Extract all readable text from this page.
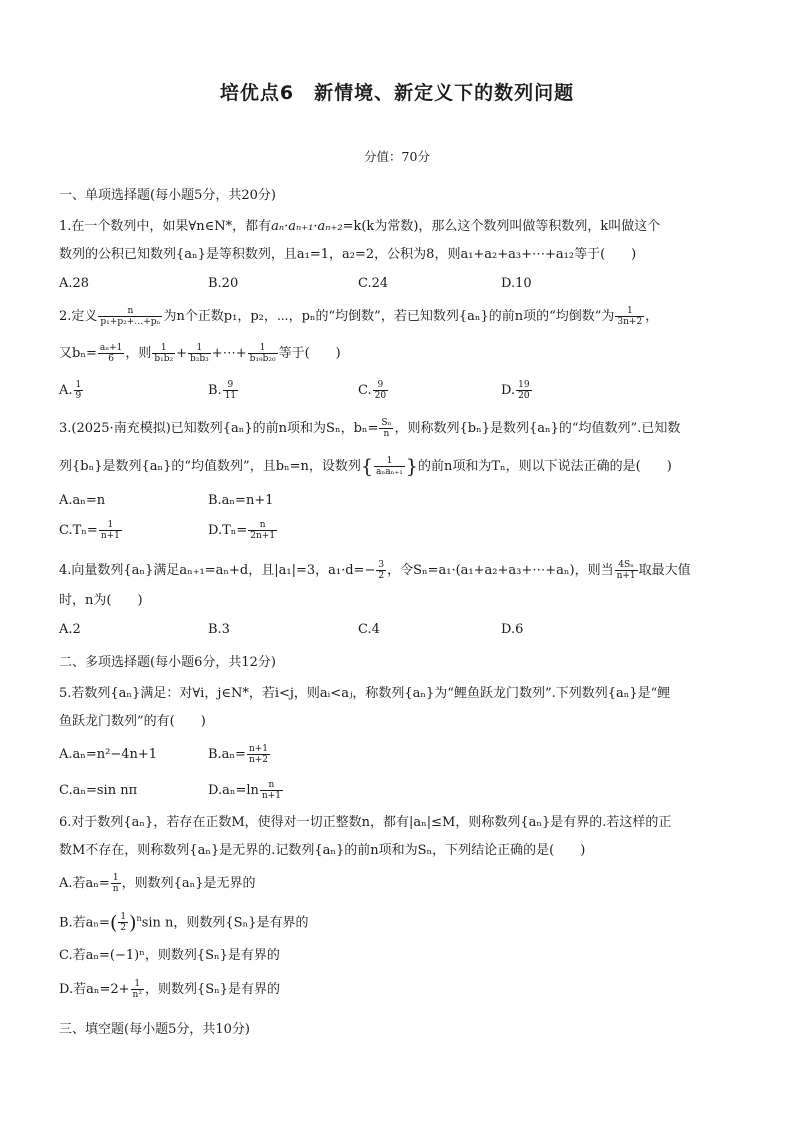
培优点6　新情境、新定义下的数列问题
分值：70分
一、单项选择题(每小题5分，共20分)
1.在一个数列中，如果∀n∈N*，都有aₙ·aₙ₊₁·aₙ₊₂=k(k为常数)，那么这个数列叫做等积数列，k叫做这个
数列的公积已知数列{aₙ}是等积数列，且a₁=1，a₂=2，公积为8，则a₁+a₂+a₃+⋯+a₁₂等于(　　)
A.28	B.20	C.24	D.10
2.定义 $\frac{n}{\text{p₁+p₂+…+pₙ}}$ 为n个正数p₁，p₂，⋯，pₙ的“均倒数”，若已知数列{aₙ}的前n项的“均倒数”为 $\frac{1}{3n+2}$ ，
又$b_n= \frac{\text{aₙ+1}}{6}$ ，则 $\frac{1}{\text{b₁b₂}} + \frac{1}{\text{b₂b₃}}$ +⋯+ $\frac{1}{\text{b₁₉b₂₀}}$ 等于(　　)
A. $\frac{1}{9}$	B. $\frac{9}{11}$	C. $\frac{9}{20}$	D. $\frac{19}{20}$
3.(2025·南充模拟)已知数列{aₙ}的前n项和为Sₙ，$b_n= \frac{\text{Sₙ}}{n}$ ，则称数列{bₙ}是数列{aₙ}的“均值数列”.已知数
列{bₙ}是数列{aₙ}的“均值数列”，且bₙ=n，设数列{ $\frac{1}{\text{aₙaₙ₊₁}}$ }的前n项和为Tₙ，则以下说法正确的是(　　)
A.aₙ=n	B.aₙ=n+1
$C.T_n= \frac{1}{n+1}$	$D.T_n= \frac{n}{2n+1}$
4.向量数列{aₙ}满足aₙ₊₁=aₙ+d，且|a₁|=3，$a_1\cdot d=- \frac{3}{2}$ ，令Sₙ=a₁·(a₁+a₂+a₃+⋯+aₙ)，则当 $\frac{\text{4Sₙ}}{n+1}$ 取最大值
时，n为(　　)
A.2	B.3	C.4	D.6
二、多项选择题(每小题6分，共12分)
5.若数列{aₙ}满足：对∀i，j∈N*，若i<j，则aᵢ<aⱼ，称数列{aₙ}为“鲤鱼跃龙门数列”.下列数列{aₙ}是“鲤
鱼跃龙门数列”的有(　　)
A.aₙ=n²−4n+1	$B.a_n= \frac{n+1}{n+2}$
C.aₙ=sin nπ	$D.a_n=\ln \frac{n}{n+1}$
6.对于数列{aₙ}，若存在正数M，使得对一切正整数n，都有|aₙ|≤M，则称数列{aₙ}是有界的.若这样的正
数M不存在，则称数列{aₙ}是无界的.记数列{aₙ}的前n项和为Sₙ，下列结论正确的是(　　)
A.若$a_n= \frac{1}{n}$ ，则数列{aₙ}是无界的
B.若$a_n=( \frac{1}{2} )^n\sin$ n，则数列{Sₙ}是有界的
C.若aₙ=(−1)ⁿ，则数列{Sₙ}是有界的
D.若$a_n=2+ \frac{1}{\text{n²}}$ ，则数列{Sₙ}是有界的
三、填空题(每小题5分，共10分)
